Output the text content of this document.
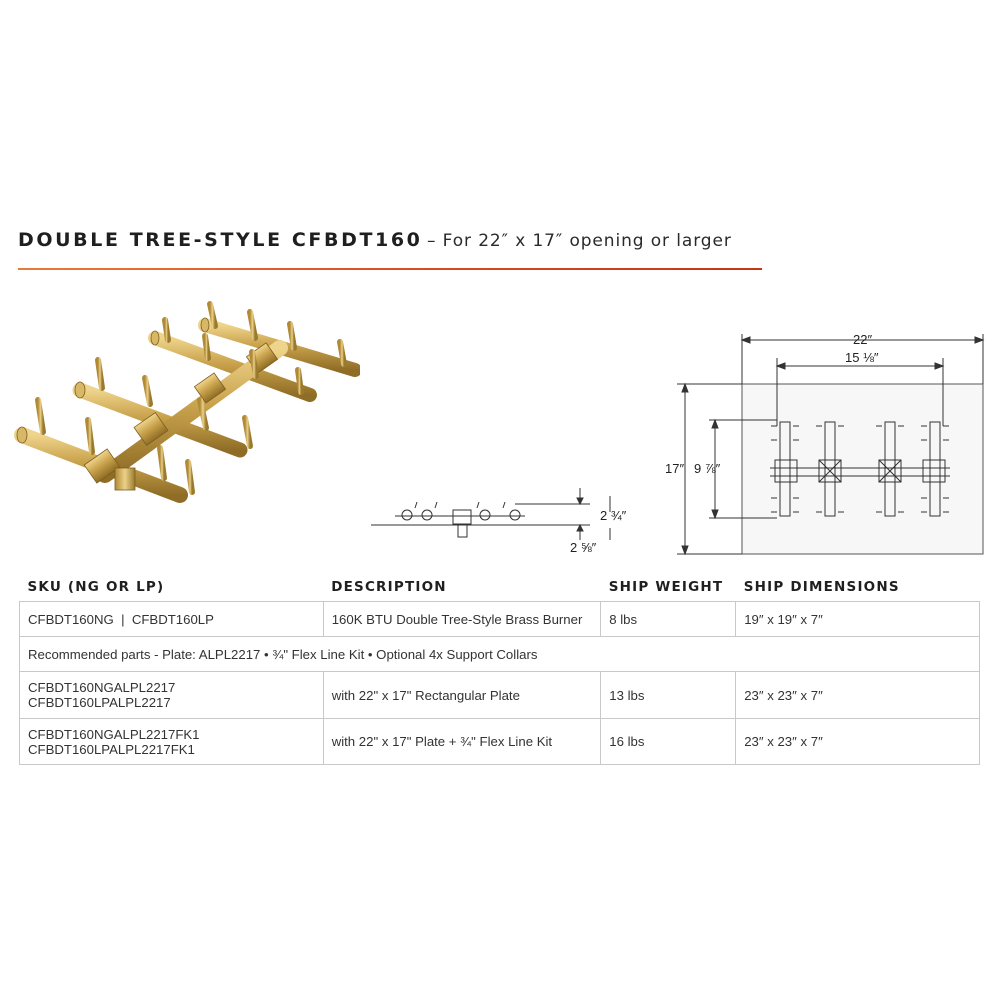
DOUBLE TREE-STYLE CFBDT160 – For 22″ x 17″ opening or larger
2 ¾″
2 ⅝″
22″
15 ⅛″
17″ 9 ⅞″
SKU (NG OR LP)	DESCRIPTION	SHIP WEIGHT	SHIP DIMENSIONS
CFBDT160NG  |  CFBDT160LP	160K BTU Double Tree-Style Brass Burner	8 lbs	19″ x 19″ x 7″
Recommended parts - Plate: ALPL2217 • ¾" Flex Line Kit • Optional 4x Support Collars			

CFBDT160NGALPL2217
CFBDT160LPALPL2217	with 22" x 17" Rectangular Plate	13 lbs	23″ x 23″ x 7″

CFBDT160NGALPL2217FK1
CFBDT160LPALPL2217FK1	with 22" x 17" Plate + ¾" Flex Line Kit	16 lbs	23″ x 23″ x 7″
